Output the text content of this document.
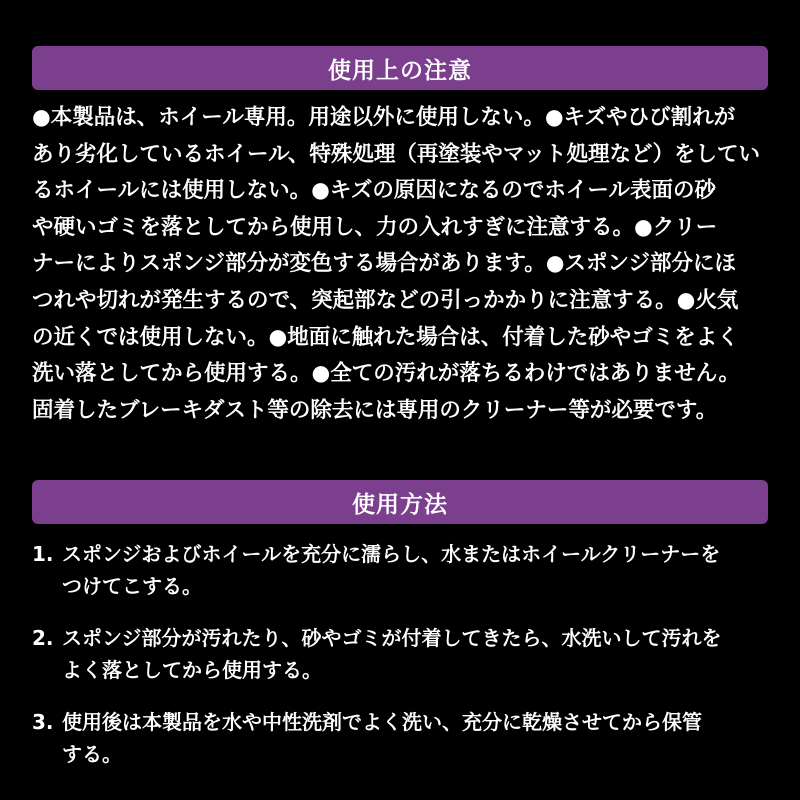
使用上の注意
●本製品は、ホイール専用。用途以外に使用しない。●キズやひび割れが
あり劣化しているホイール、特殊処理（再塗装やマット処理など）をしてい
るホイールには使用しない。●キズの原因になるのでホイール表面の砂
や硬いゴミを落としてから使用し、力の入れすぎに注意する。●クリー
ナーによりスポンジ部分が変色する場合があります。●スポンジ部分にほ
つれや切れが発生するので、突起部などの引っかかりに注意する。●火気
の近くでは使用しない。●地面に触れた場合は、付着した砂やゴミをよく
洗い落としてから使用する。●全ての汚れが落ちるわけではありません。
固着したブレーキダスト等の除去には専用のクリーナー等が必要です。
使用方法
1. スポンジおよびホイールを充分に濡らし、水またはホイールクリーナーを
つけてこする。
2. スポンジ部分が汚れたり、砂やゴミが付着してきたら、水洗いして汚れを
よく落としてから使用する。
3. 使用後は本製品を水や中性洗剤でよく洗い、充分に乾燥させてから保管
する。
